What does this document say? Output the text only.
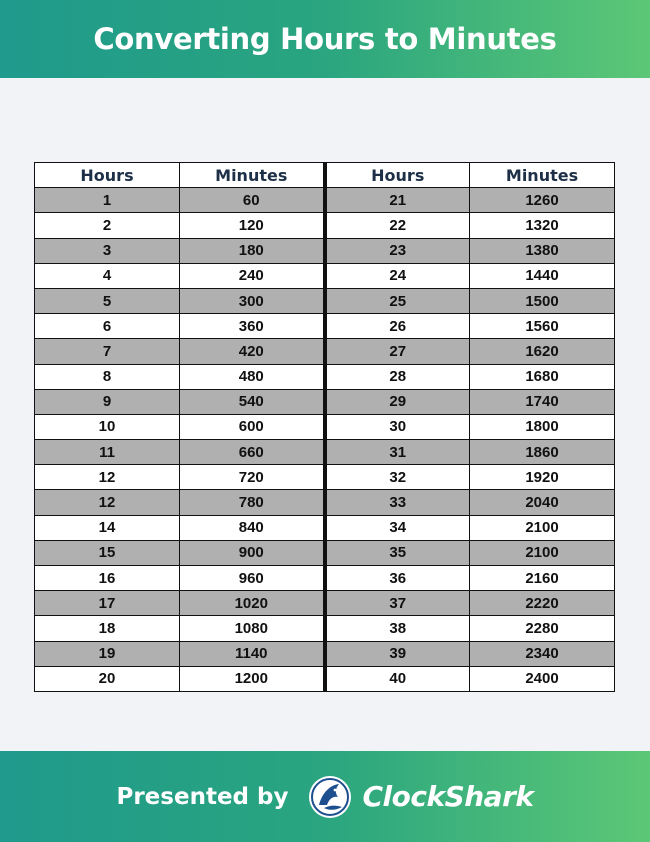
Converting Hours to Minutes
Hours	Minutes	Hours	Minutes
1	60	21	1260
2	120	22	1320
3	180	23	1380
4	240	24	1440
5	300	25	1500
6	360	26	1560
7	420	27	1620
8	480	28	1680
9	540	29	1740
10	600	30	1800
11	660	31	1860
12	720	32	1920
12	780	33	2040
14	840	34	2100
15	900	35	2100
16	960	36	2160
17	1020	37	2220
18	1080	38	2280
19	1140	39	2340
20	1200	40	2400
Presented by	ClockShark
